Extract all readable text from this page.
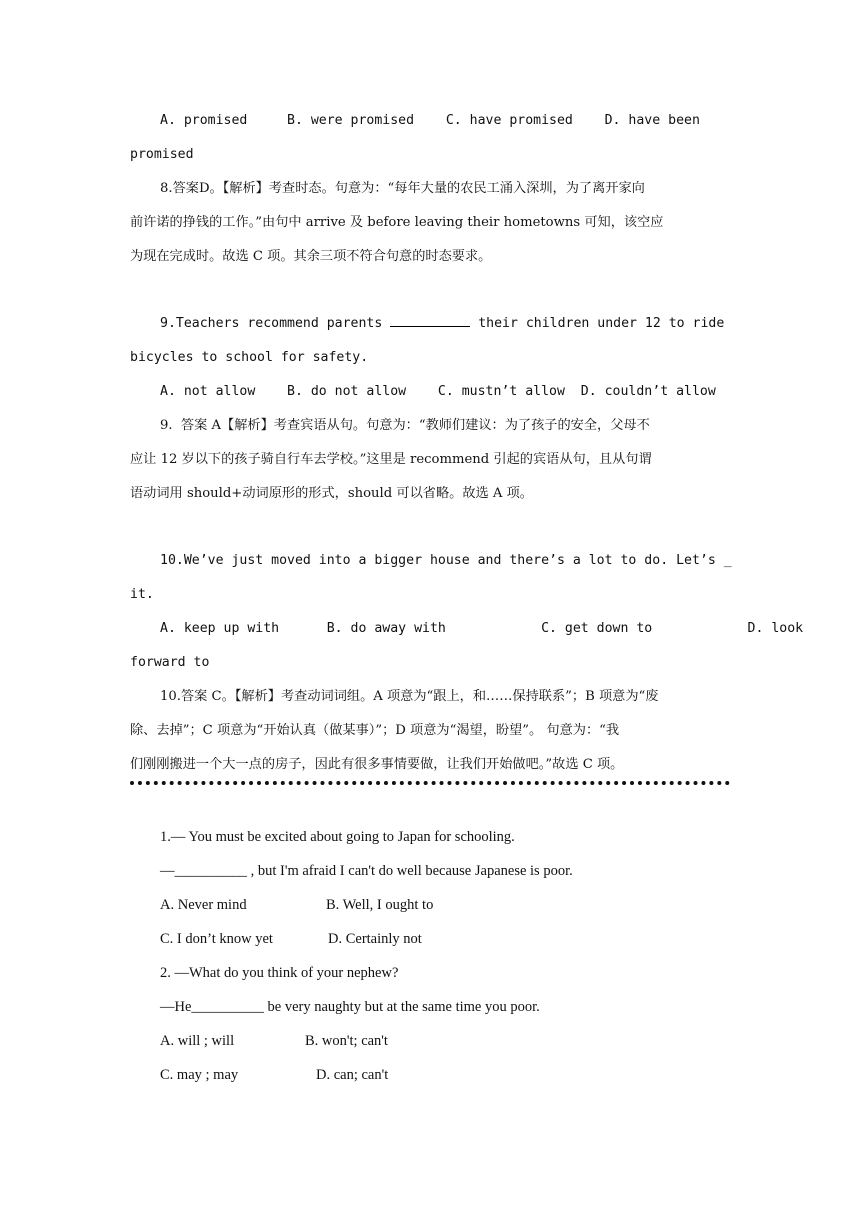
A. promised     B. were promised    C. have promised    D. have been
promised
8.答案D。【解析】考查时态。句意为：“每年大量的农民工涌入深圳，为了离开家向
前许诺的挣钱的工作。”由句中 arrive 及 before leaving their hometowns 可知，该空应
为现在完成时。故选 C 项。其余三项不符合句意的时态要求。
9.Teachers recommend parents	their children under 12 to ride
bicycles to school for safety.
A. not allow    B. do not allow    C. mustn’t allow  D. couldn’t allow
9.  答案 A【解析】考查宾语从句。句意为：“教师们建议：为了孩子的安全，父母不
应让 12 岁以下的孩子骑自行车去学校。”这里是 recommend 引起的宾语从句，且从句谓
语动词用 should+动词原形的形式，should 可以省略。故选 A 项。
10.We’ve just moved into a bigger house and there’s a lot to do. Let’s _
it.
A. keep up with      B. do away with            C. get down to            D. look
forward to
10.答案 C。【解析】考查动词词组。A 项意为“跟上，和……保持联系”；B 项意为“废
除、去掉”；C 项意为“开始认真（做某事）”；D 项意为“渴望，盼望”。 句意为：“我
们刚刚搬进一个大一点的房子，因此有很多事情要做，让我们开始做吧。”故选 C 项。
1.— You must be excited about going to Japan for schooling.
—__________ , but I'm afraid I can't do well because Japanese is poor.
A. Never mind	B. Well, I ought to
C. I don’t know yet	D. Certainly not
2. —What do you think of your nephew?
—He__________ be very naughty but at the same time you poor.
A. will ; will	B. won't; can't
C. may ; may	D. can; can't
